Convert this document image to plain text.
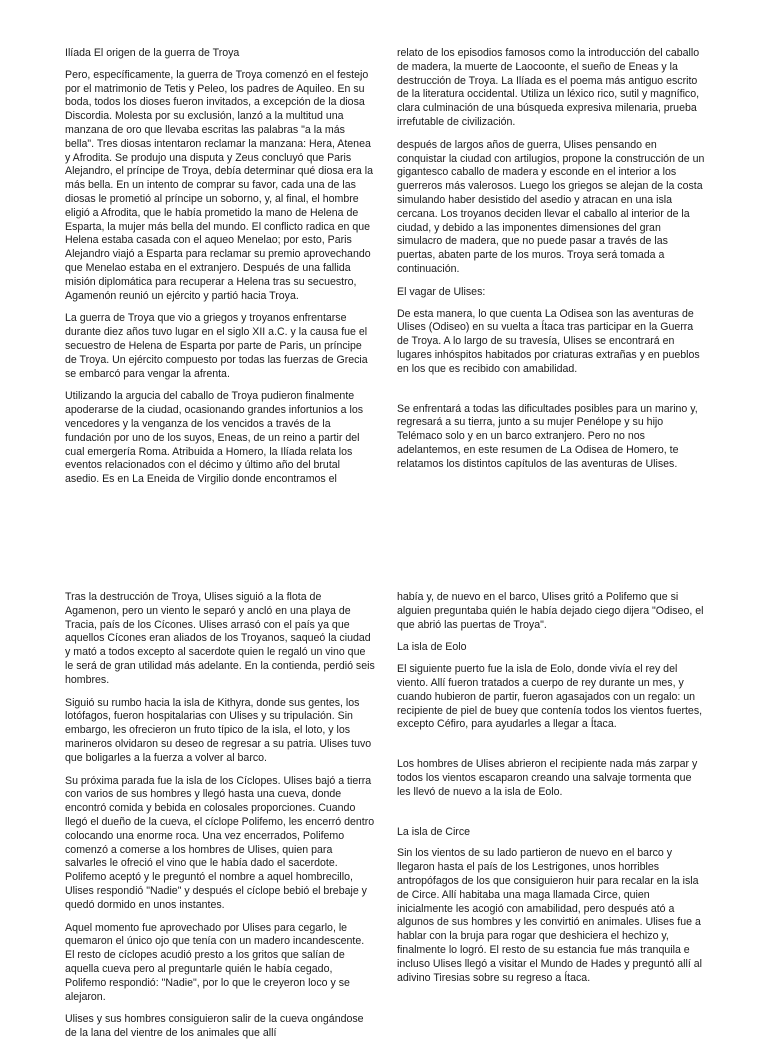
Ilíada El origen de la guerra de Troya

Pero, específicamente, la guerra de Troya comenzó en el festejo por el matrimonio de Tetis y Peleo, los padres de Aquileo. En su boda, todos los dioses fueron invitados, a excepción de la diosa Discordia. Molesta por su exclusión, lanzó a la multitud una manzana de oro que llevaba escritas las palabras "a la más bella". Tres diosas intentaron reclamar la manzana: Hera, Atenea y Afrodita. Se produjo una disputa y Zeus concluyó que Paris Alejandro, el príncipe de Troya, debía determinar qué diosa era la más bella. En un intento de comprar su favor, cada una de las diosas le prometió al príncipe un soborno, y, al final, el hombre eligió a Afrodita, que le había prometido la mano de Helena de Esparta, la mujer más bella del mundo. El conflicto radica en que Helena estaba casada con el aqueo Menelao; por esto, Paris Alejandro viajó a Esparta para reclamar su premio aprovechando que Menelao estaba en el extranjero. Después de una fallida misión diplomática para recuperar a Helena tras su secuestro, Agamenón reunió un ejército y partió hacia Troya.

La guerra de Troya que vio a griegos y troyanos enfrentarse durante diez años tuvo lugar en el siglo XII a.C. y la causa fue el secuestro de Helena de Esparta por parte de Paris, un príncipe de Troya. Un ejército compuesto por todas las fuerzas de Grecia se embarcó para vengar la afrenta.

Utilizando la argucia del caballo de Troya pudieron finalmente apoderarse de la ciudad, ocasionando grandes infortunios a los vencedores y la venganza de los vencidos a través de la fundación por uno de los suyos, Eneas, de un reino a partir del cual emergería Roma. Atribuida a Homero, la Ilíada relata los eventos relacionados con el décimo y último año del brutal asedio. Es en La Eneida de Virgilio donde encontramos el

relato de los episodios famosos como la introducción del caballo de madera, la muerte de Laocoonte, el sueño de Eneas y la destrucción de Troya. La Ilíada es el poema más antiguo escrito de la literatura occidental. Utiliza un léxico rico, sutil y magnífico, clara culminación de una búsqueda expresiva milenaria, prueba irrefutable de civilización.

después de largos años de guerra, Ulises pensando en conquistar la ciudad con artilugios, propone la construcción de un gigantesco caballo de madera y esconde en el interior a los guerreros más valerosos. Luego los griegos se alejan de la costa simulando haber desistido del asedio y atracan en una isla cercana. Los troyanos deciden llevar el caballo al interior de la ciudad, y debido a las imponentes dimensiones del gran simulacro de madera, que no puede pasar a través de las puertas, abaten parte de los muros. Troya será tomada a continuación.

El vagar de Ulises:

De esta manera, lo que cuenta La Odisea son las aventuras de Ulises (Odiseo) en su vuelta a Ítaca tras participar en la Guerra de Troya. A lo largo de su travesía, Ulises se encontrará en lugares inhóspitos habitados por criaturas extrañas y en pueblos en los que es recibido con amabilidad.

Se enfrentará a todas las dificultades posibles para un marino y, regresará a su tierra, junto a su mujer Penélope y su hijo Telémaco solo y en un barco extranjero. Pero no nos adelantemos, en este resumen de La Odisea de Homero, te relatamos los distintos capítulos de las aventuras de Ulises.

Tras la destrucción de Troya, Ulises siguió a la flota de Agamenon, pero un viento le separó y ancló en una playa de Tracia, país de los Cícones. Ulises arrasó con el país ya que aquellos Cícones eran aliados de los Troyanos, saqueó la ciudad y mató a todos excepto al sacerdote quien le regaló un vino que le será de gran utilidad más adelante. En la contienda, perdió seis hombres.

Siguió su rumbo hacia la isla de Kithyra, donde sus gentes, los lotófagos, fueron hospitalarias con Ulises y su tripulación. Sin embargo, les ofrecieron un fruto típico de la isla, el loto, y los marineros olvidaron su deseo de regresar a su patria. Ulises tuvo que boligarles a la fuerza a volver al barco.

Su próxima parada fue la isla de los Cíclopes. Ulises bajó a tierra con varios de sus hombres y llegó hasta una cueva, donde encontró comida y bebida en colosales proporciones. Cuando llegó el dueño de la cueva, el cíclope Polifemo, les encerró dentro colocando una enorme roca. Una vez encerrados, Polifemo comenzó a comerse a los hombres de Ulises, quien para salvarles le ofreció el vino que le había dado el sacerdote. Polifemo aceptó y le preguntó el nombre a aquel hombrecillo, Ulises respondió "Nadie" y después el cíclope bebió el brebaje y quedó dormido en unos instantes.

Aquel momento fue aprovechado por Ulises para cegarlo, le quemaron el único ojo que tenía con un madero incandescente. El resto de cíclopes acudió presto a los gritos que salían de aquella cueva pero al preguntarle quién le había cegado, Polifemo respondió: "Nadie", por lo que le creyeron loco y se alejaron.

Ulises y sus hombres consiguieron salir de la cueva ongándose de la lana del vientre de los animales que allí

había y, de nuevo en el barco, Ulises gritó a Polifemo que si alguien preguntaba quién le había dejado ciego dijera "Odiseo, el que abrió las puertas de Troya".

La isla de Eolo

El siguiente puerto fue la isla de Eolo, donde vivía el rey del viento. Allí fueron tratados a cuerpo de rey durante un mes, y cuando hubieron de partir, fueron agasajados con un regalo: un recipiente de piel de buey que contenía todos los vientos fuertes, excepto Céfiro, para ayudarles a llegar a Ítaca.

Los hombres de Ulises abrieron el recipiente nada más zarpar y todos los vientos escaparon creando una salvaje tormenta que les llevó de nuevo a la isla de Eolo.

La isla de Circe

Sin los vientos de su lado partieron de nuevo en el barco y llegaron hasta el país de los Lestrigones, unos horribles antropófagos de los que consiguieron huir para recalar en la isla de Circe. Allí habitaba una maga llamada Circe, quien inicialmente les acogió con amabilidad, pero después ató a algunos de sus hombres y les convirtió en animales. Ulises fue a hablar con la bruja para rogar que deshiciera el hechizo y, finalmente lo logró. El resto de su estancia fue más tranquila e incluso Ulises llegó a visitar el Mundo de Hades y preguntó allí al adivino Tiresias sobre su regreso a Ítaca.
